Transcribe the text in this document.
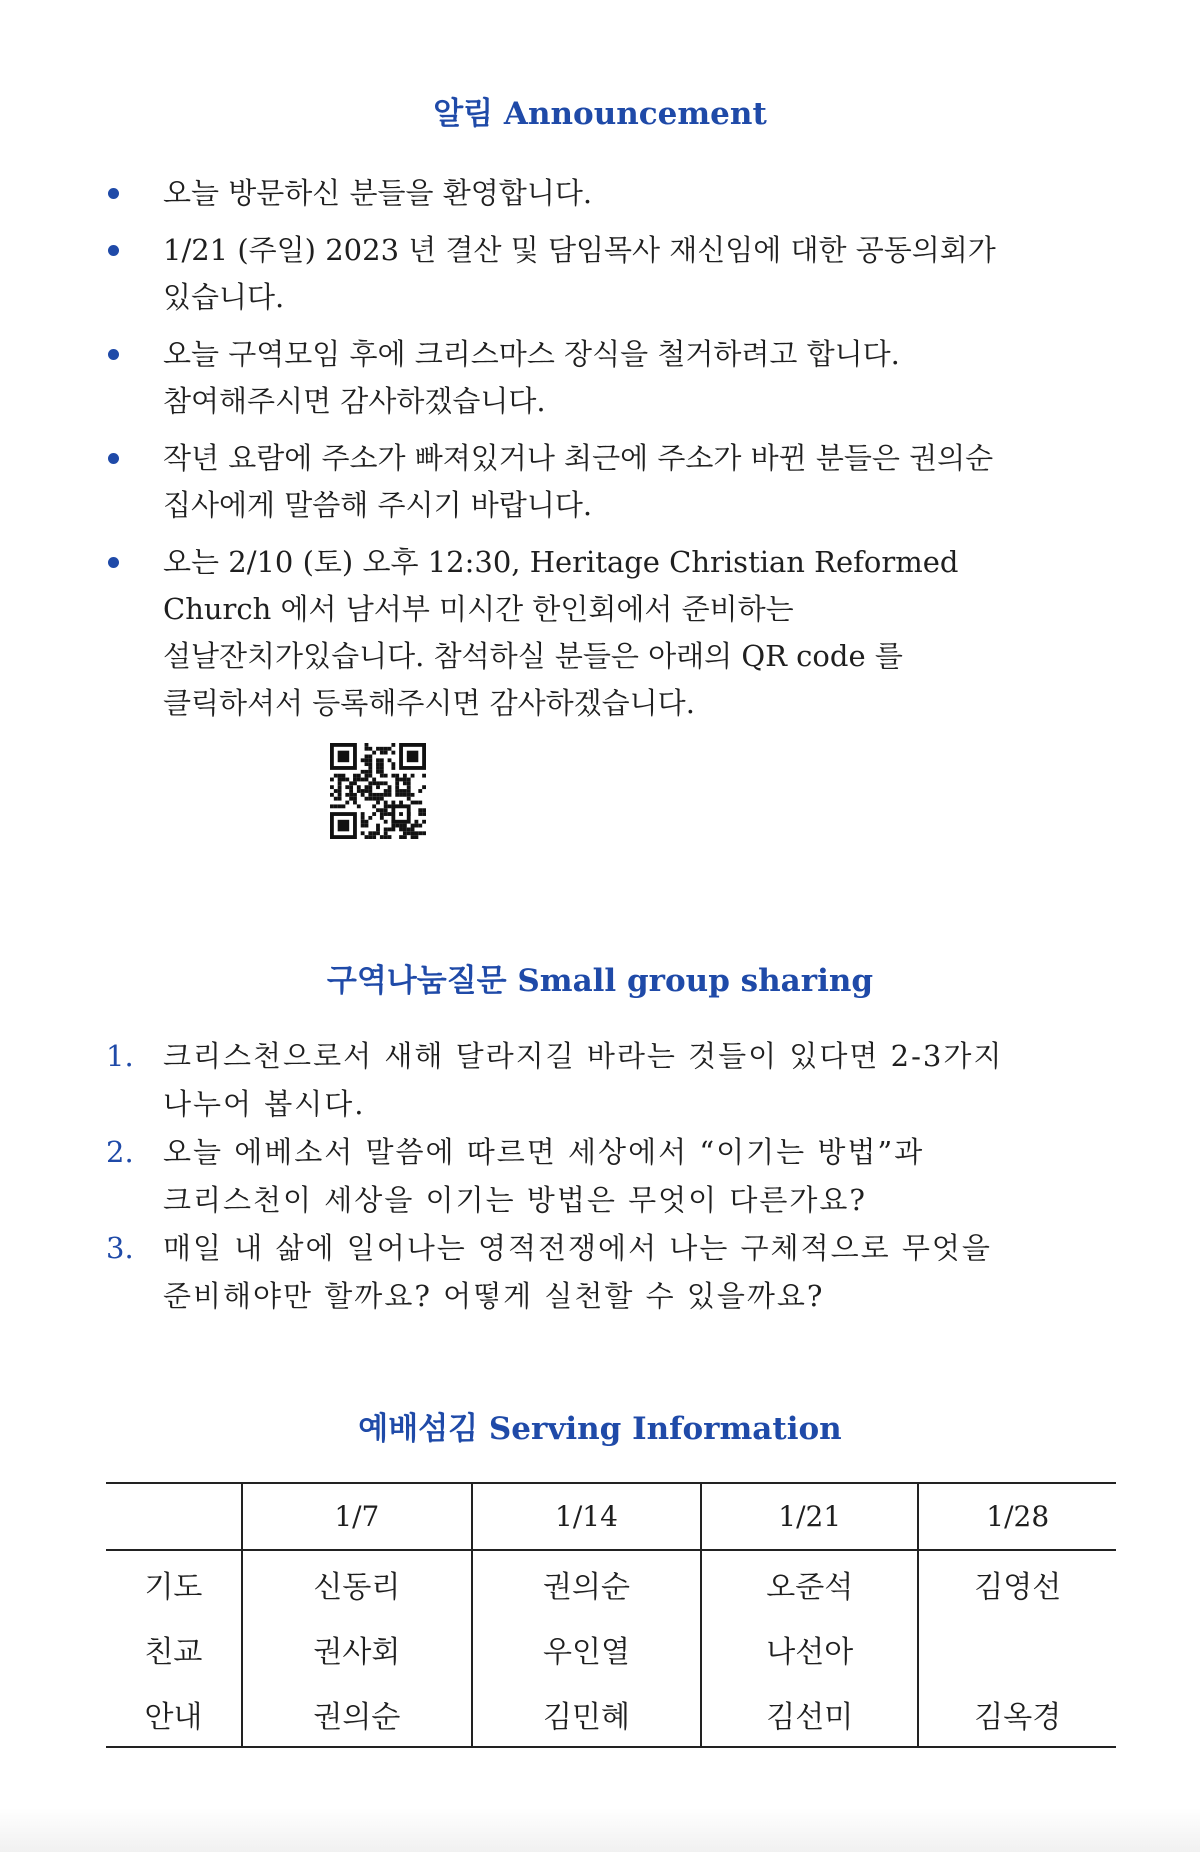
알림 Announcement
오늘 방문하신 분들을 환영합니다.
1/21 (주일) 2023 년 결산 및 담임목사 재신임에 대한 공동의회가
있습니다.
오늘 구역모임 후에 크리스마스 장식을 철거하려고 합니다.
참여해주시면 감사하겠습니다.
작년 요람에 주소가 빠져있거나 최근에 주소가 바뀐 분들은 권의순
집사에게 말씀해 주시기 바랍니다.
오는 2/10 (토) 오후 12:30, Heritage Christian Reformed
Church 에서 남서부 미시간 한인회에서 준비하는
설날잔치가있습니다. 참석하실 분들은 아래의 QR code 를
클릭하셔서 등록해주시면 감사하겠습니다.
구역나눔질문 Small group sharing
1. 크리스천으로서 새해 달라지길 바라는 것들이 있다면 2-3가지
나누어 봅시다.
2. 오늘 에베소서 말씀에 따르면 세상에서 “이기는 방법”과
크리스천이 세상을 이기는 방법은 무엇이 다른가요?
3. 매일 내 삶에 일어나는 영적전쟁에서 나는 구체적으로 무엇을
준비해야만 할까요? 어떻게 실천할 수 있을까요?
예배섬김 Serving Information
	1/7	1/14	1/21	1/28
기도	신동리	권의순	오준석	김영선
친교	권사회	우인열	나선아	
안내	권의순	김민혜	김선미	김옥경
